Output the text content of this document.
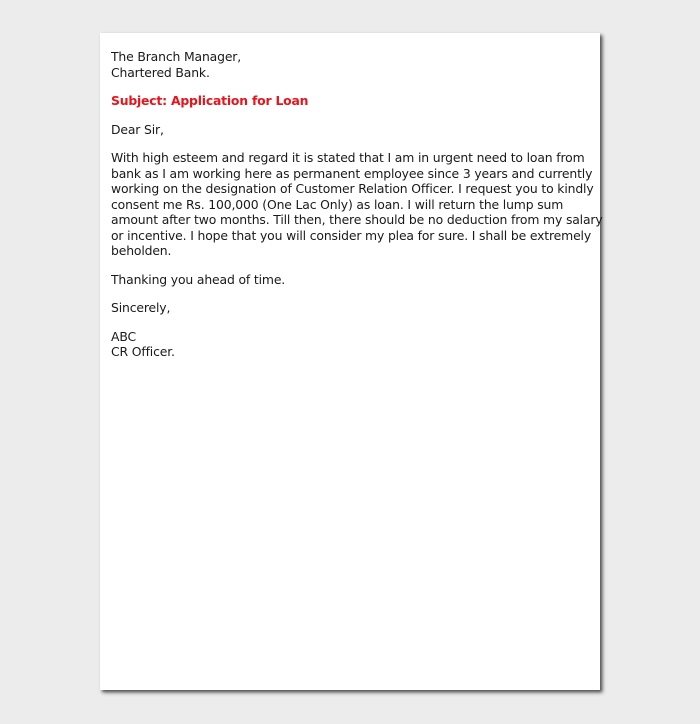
The Branch Manager,
Chartered Bank.
Subject: Application for Loan
Dear Sir,
With high esteem and regard it is stated that I am in urgent need to loan from
bank as I am working here as permanent employee since 3 years and currently
working on the designation of Customer Relation Officer. I request you to kindly
consent me Rs. 100,000 (One Lac Only) as loan. I will return the lump sum
amount after two months. Till then, there should be no deduction from my salary
or incentive. I hope that you will consider my plea for sure. I shall be extremely
beholden.
Thanking you ahead of time.
Sincerely,
ABC
CR Officer.
